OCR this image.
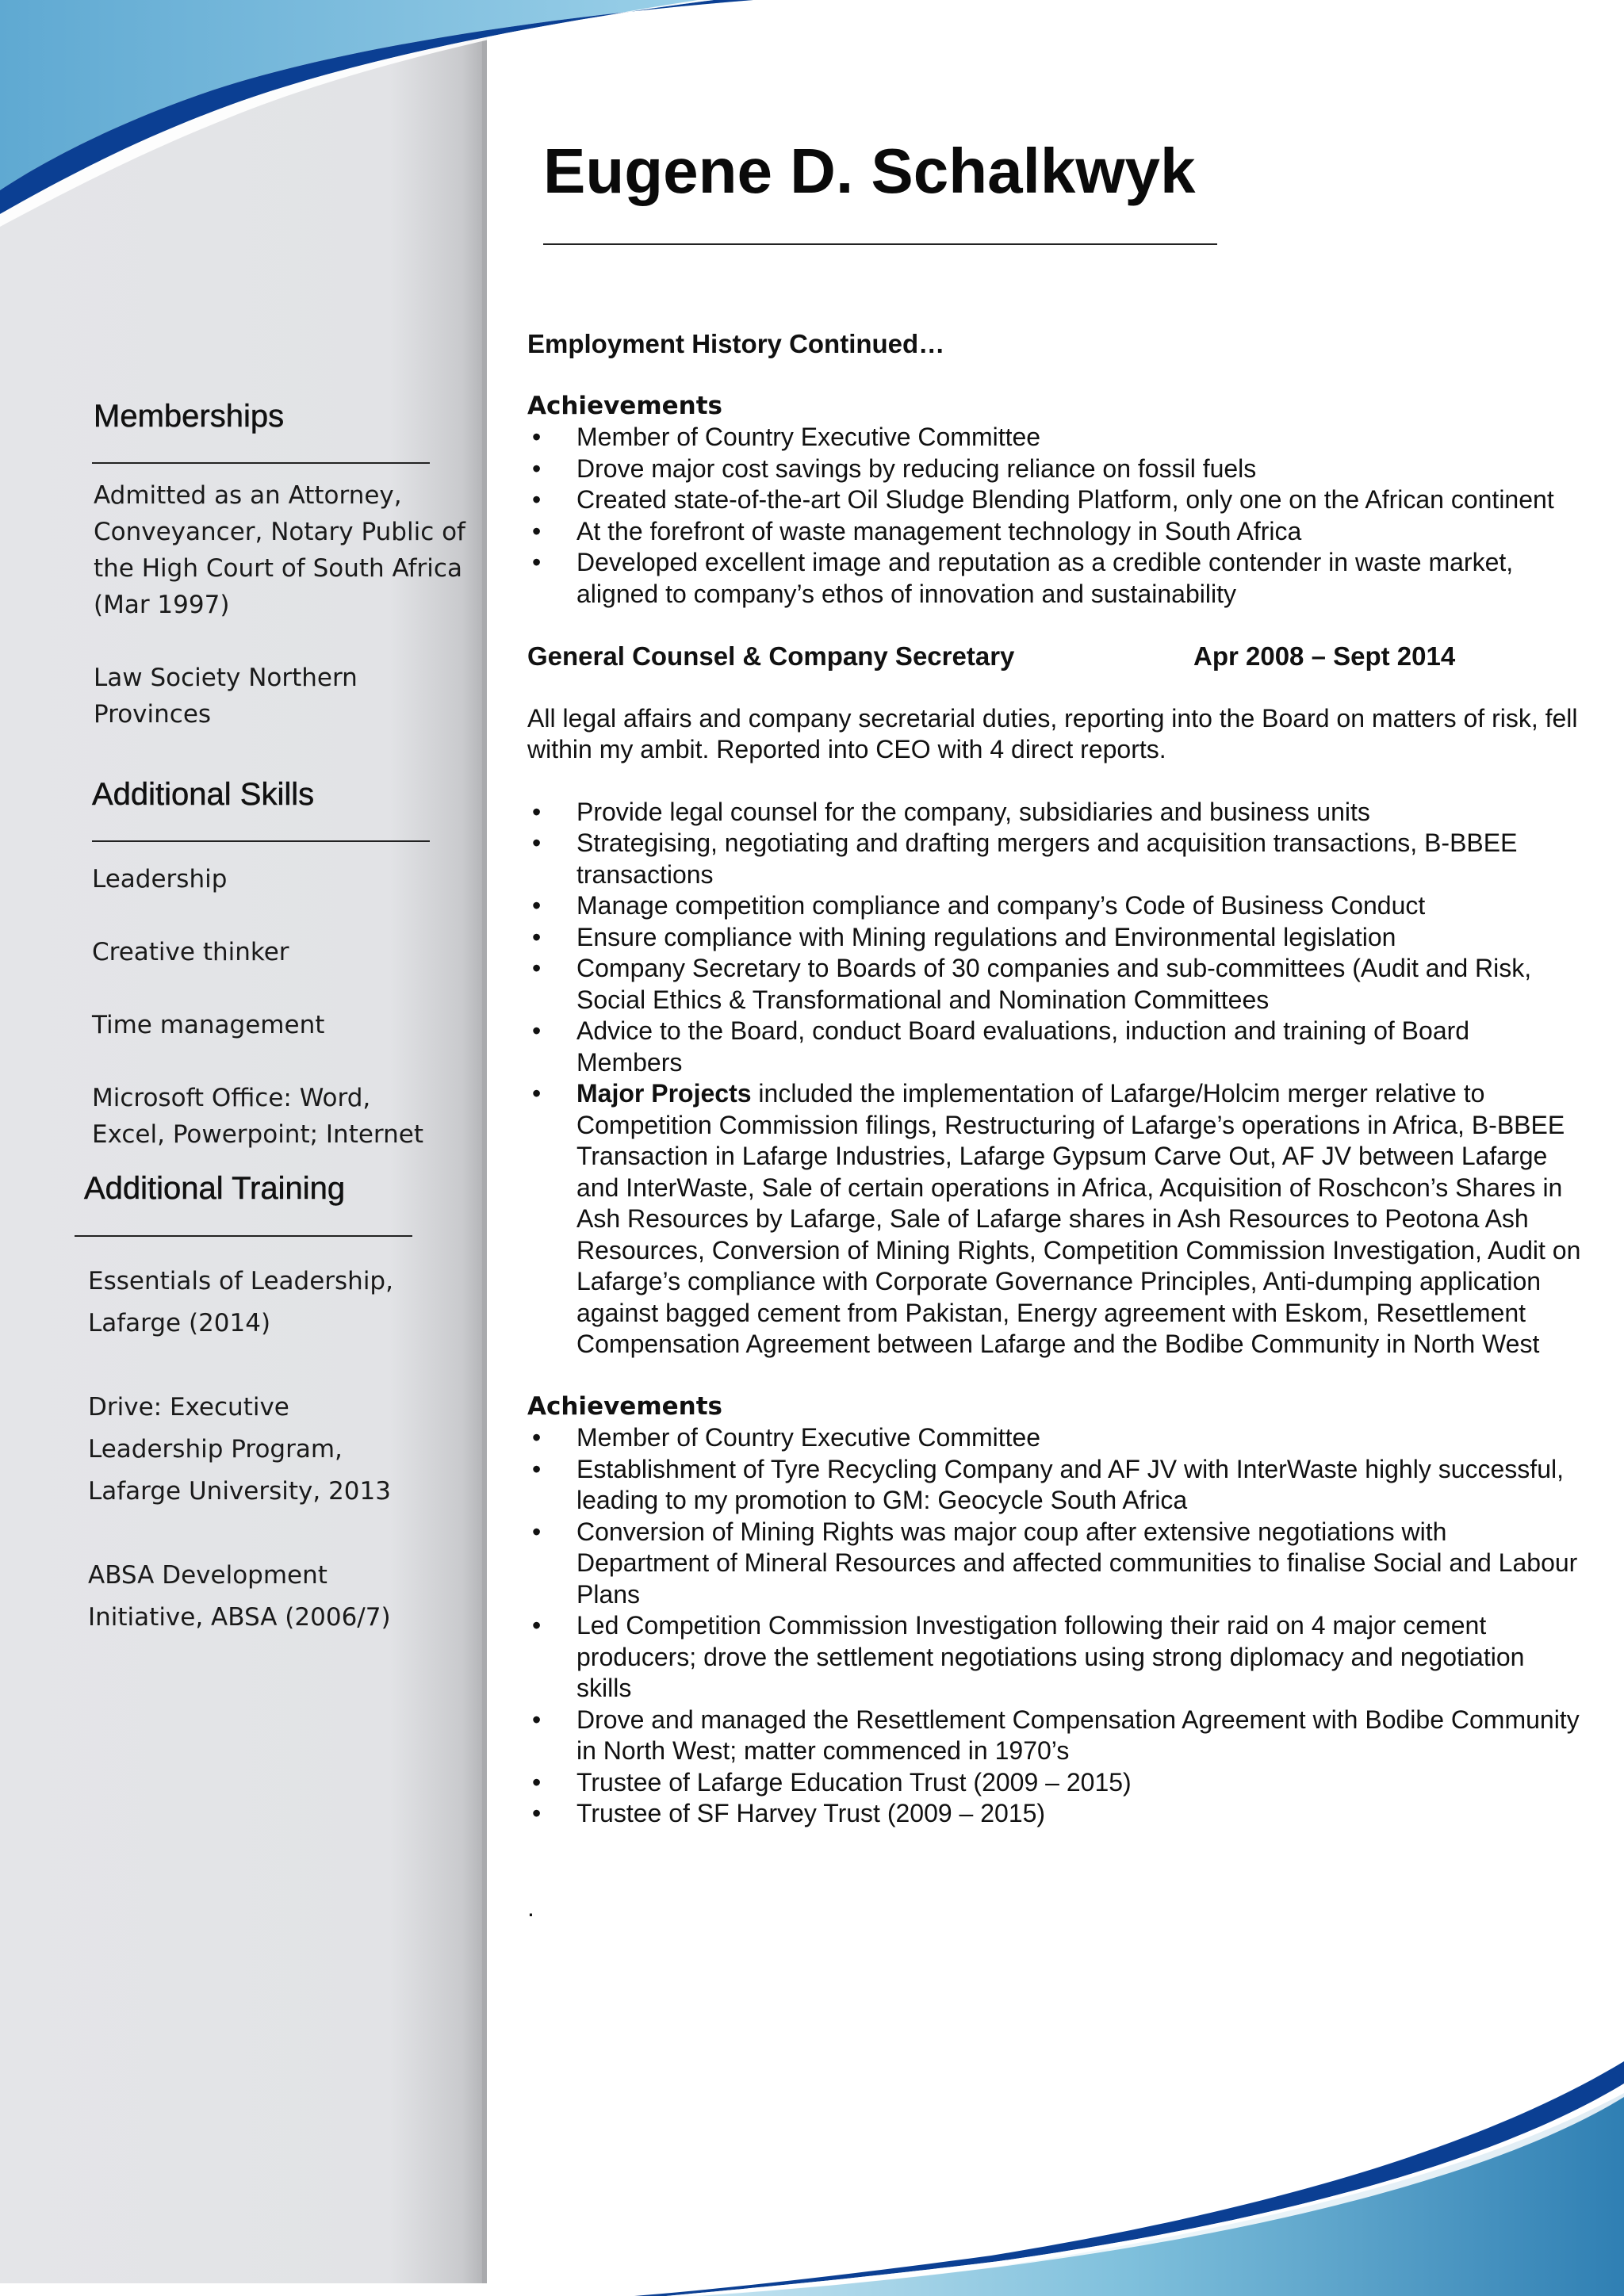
Memberships
Admitted as an Attorney, Conveyancer, Notary Public of the High Court of South Africa (Mar 1997)
Law Society Northern Provinces
Additional Skills
Leadership
Creative thinker
Time management
Microsoft Office: Word, Excel, Powerpoint; Internet
Additional Training
Essentials of Leadership, Lafarge (2014)
Drive: Executive Leadership Program, Lafarge University, 2013
ABSA Development Initiative, ABSA (2006/7)
Eugene D. Schalkwyk

Employment History Continued…

Achievements
• Member of Country Executive Committee
• Drove major cost savings by reducing reliance on fossil fuels
• Created state-of-the-art Oil Sludge Blending Platform, only one on the African continent
• At the forefront of waste management technology in South Africa
• Developed excellent image and reputation as a credible contender in waste market, aligned to company’s ethos of innovation and sustainability

General Counsel & Company Secretary	Apr 2008 – Sept 2014

All legal affairs and company secretarial duties, reporting into the Board on matters of risk, fell within my ambit. Reported into CEO with 4 direct reports.

• Provide legal counsel for the company, subsidiaries and business units
• Strategising, negotiating and drafting mergers and acquisition transactions, B-BBEE transactions
• Manage competition compliance and company’s Code of Business Conduct
• Ensure compliance with Mining regulations and Environmental legislation
• Company Secretary to Boards of 30 companies and sub-committees (Audit and Risk, Social Ethics & Transformational and Nomination Committees
• Advice to the Board, conduct Board evaluations, induction and training of Board Members
• Major Projects included the implementation of Lafarge/Holcim merger relative to Competition Commission filings, Restructuring of Lafarge’s operations in Africa, B-BBEE Transaction in Lafarge Industries, Lafarge Gypsum Carve Out, AF JV between Lafarge and InterWaste, Sale of certain operations in Africa, Acquisition of Roschcon’s Shares in Ash Resources by Lafarge, Sale of Lafarge shares in Ash Resources to Peotona Ash Resources, Conversion of Mining Rights, Competition Commission Investigation, Audit on Lafarge’s compliance with Corporate Governance Principles, Anti-dumping application against bagged cement from Pakistan, Energy agreement with Eskom, Resettlement Compensation Agreement between Lafarge and the Bodibe Community in North West
Achievements
• Member of Country Executive Committee
• Establishment of Tyre Recycling Company and AF JV with InterWaste highly successful, leading to my promotion to GM: Geocycle South Africa
• Conversion of Mining Rights was major coup after extensive negotiations with Department of Mineral Resources and affected communities to finalise Social and Labour Plans
• Led Competition Commission Investigation following their raid on 4 major cement producers; drove the settlement negotiations using strong diplomacy and negotiation skills
• Drove and managed the Resettlement Compensation Agreement with Bodibe Community in North West; matter commenced in 1970’s
• Trustee of Lafarge Education Trust (2009 – 2015)
• Trustee of SF Harvey Trust (2009 – 2015)

.
